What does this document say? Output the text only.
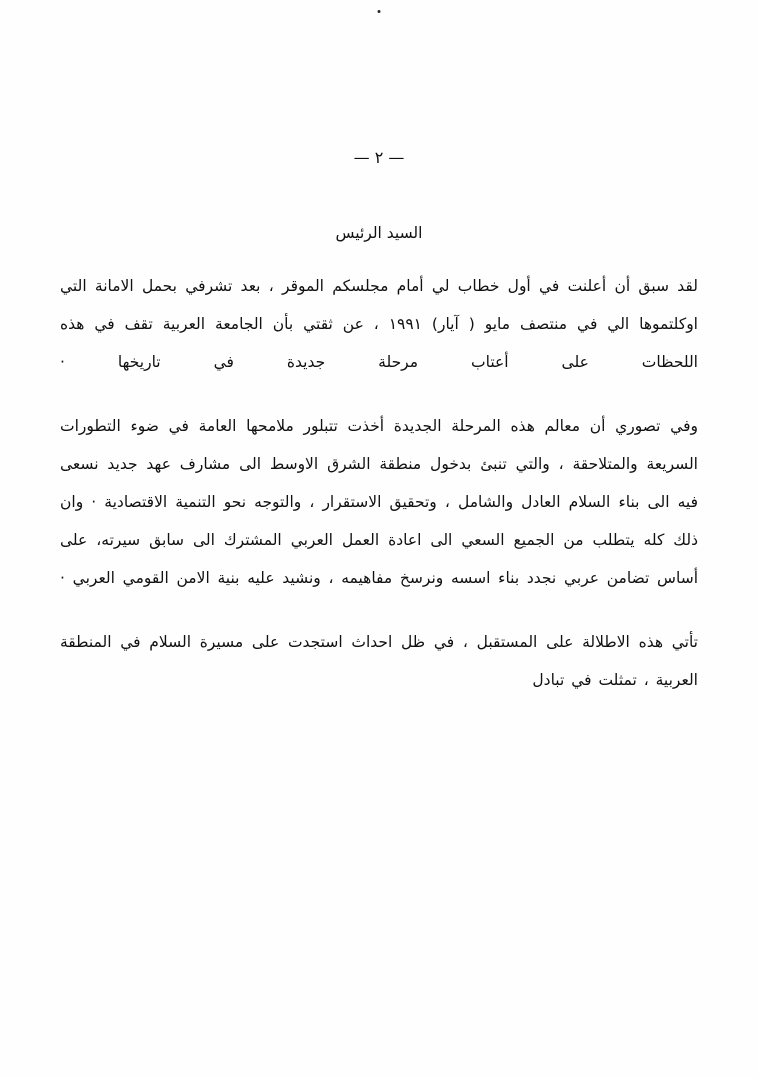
— ٢ —
السيد الرئيس

لقد سبق أن أعلنت في أول خطاب لي أمام مجلسكم الموقر ، بعد تشرفي بحمل الامانة التي اوكلتموها الي في منتصف مايو ( آيار) ١٩٩١ ، عن ثقتي بأن الجامعة العربية تقف في هذه اللحظات على أعتاب مرحلة جديدة في تاريخها ·

وفي تصوري أن معالم هذه المرحلة الجديدة أخذت تتبلور ملامحها العامة في ضوء التطورات السريعة والمتلاحقة ، والتي تنبئ بدخول منطقة الشرق الاوسط الى مشارف عهد جديد نسعى فيه الى بناء السلام العادل والشامل ، وتحقيق الاستقرار ، والتوجه نحو التنمية الاقتصادية · وان ذلك كله يتطلب من الجميع السعي الى اعادة العمل العربي المشترك الى سابق سيرته، على أساس تضامن عربي نجدد بناء اسسه ونرسخ مفاهيمه ، ونشيد عليه بنية الامن القومي العربي ·

تأتي هذه الاطلالة على المستقبل ، في ظل احداث استجدت على مسيرة السلام في المنطقة العربية ، تمثلت في تبادل
